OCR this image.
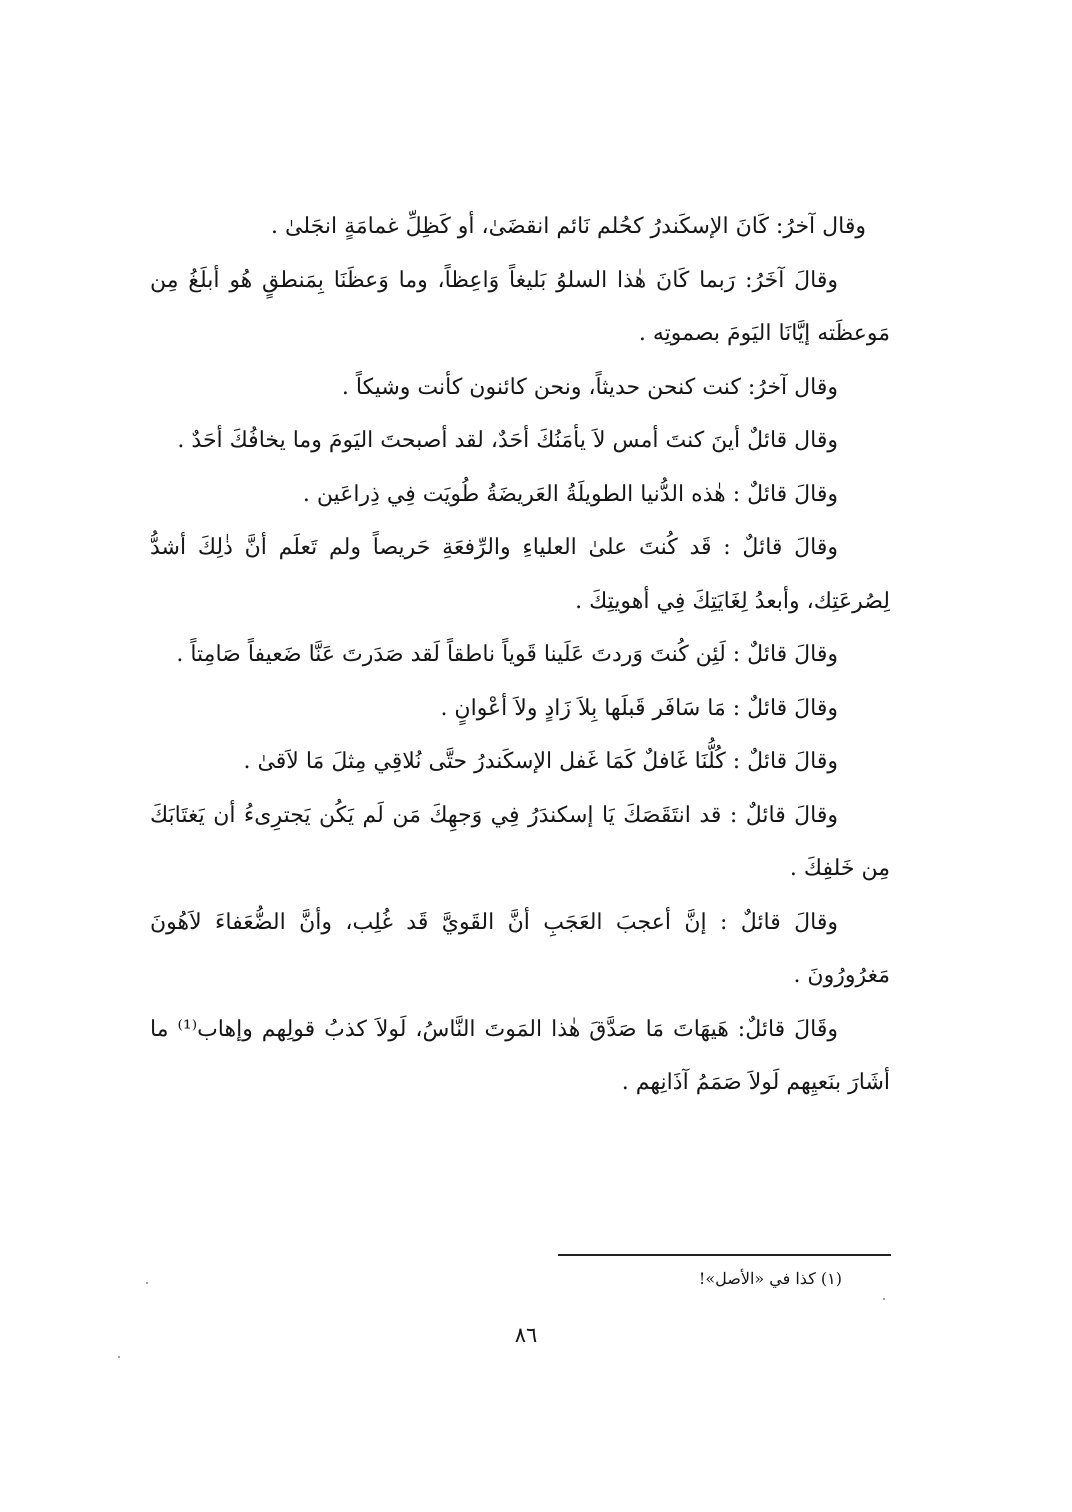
وقال آخرُ: كَانَ الإسكَندرُ كحُلم نَائم انقضَىٰ، أو كَظِلِّ غمامَةٍ انجَلىٰ .

وقالَ آخَرُ: رَبما كَانَ هٰذا السلوُ بَليغاً وَاعِظاً، وما وَعظَنَا بِمَنطقٍ هُو أبلَغُ مِن مَوعظَته إيَّانَا اليَومَ بصموتِه .

وقال آخرُ: كنت كنحن حديثاً، ونحن كائنون كأنت وشيكاً .

وقال قائلٌ أينَ كنتَ أمس لاَ يأمَنُكَ أحَدٌ، لقد أصبحتَ اليَومَ وما يخافُكَ أحَدٌ .

وقالَ قائلٌ : هٰذه الدُّنيا الطويلَةُ العَريضَةُ طُويَت فِي ذِراعَين .

وقالَ قائلٌ : قَد كُنتَ علىٰ العلياءِ والرِّفعَةِ حَريصاً ولم تَعلَم أنَّ ذٰلِكَ أشدُّ لِصُرعَتِك، وأبعدُ لِغَايَتِكَ فِي أهويتِكَ .

وقالَ قائلٌ : لَئِن كُنتَ وَردتَ عَلَينا قَوياً ناطقاً لَقد صَدَرتَ عَنَّا ضَعيفاً صَامِتاً .

وقالَ قائلٌ : مَا سَافَر قَبلَها بِلاَ زَادٍ ولاَ أعْوانٍ .

وقالَ قائلٌ : كُلُّنَا غَافلٌ كَمَا غَفل الإسكَندرُ حتَّى نُلاقِي مِثلَ مَا لاَقىٰ .

وقالَ قائلٌ : قد انتَقَصَكَ يَا إسكندَرُ فِي وَجهِكَ مَن لَم يَكُن يَجترِىءُ أن يَغتَابَكَ مِن خَلفِكَ .

وقالَ قائلٌ : إنَّ أعجبَ العَجَبِ أنَّ القَويَّ قَد غُلِب، وأنَّ الضُّعَفاءَ لاَهُونَ مَغرُورُونَ .

وقَالَ قائلٌ: هَيهَاتَ مَا صَدَّقَ هٰذا المَوتَ النَّاسُ، لَولاَ كذبُ قولِهم وإهاب⁽¹⁾ ما أشَارَ بنَعيِهم لَولاَ صَمَمُ آذَانِهم .

(١) كذا في «الأصل»!
٨٦
